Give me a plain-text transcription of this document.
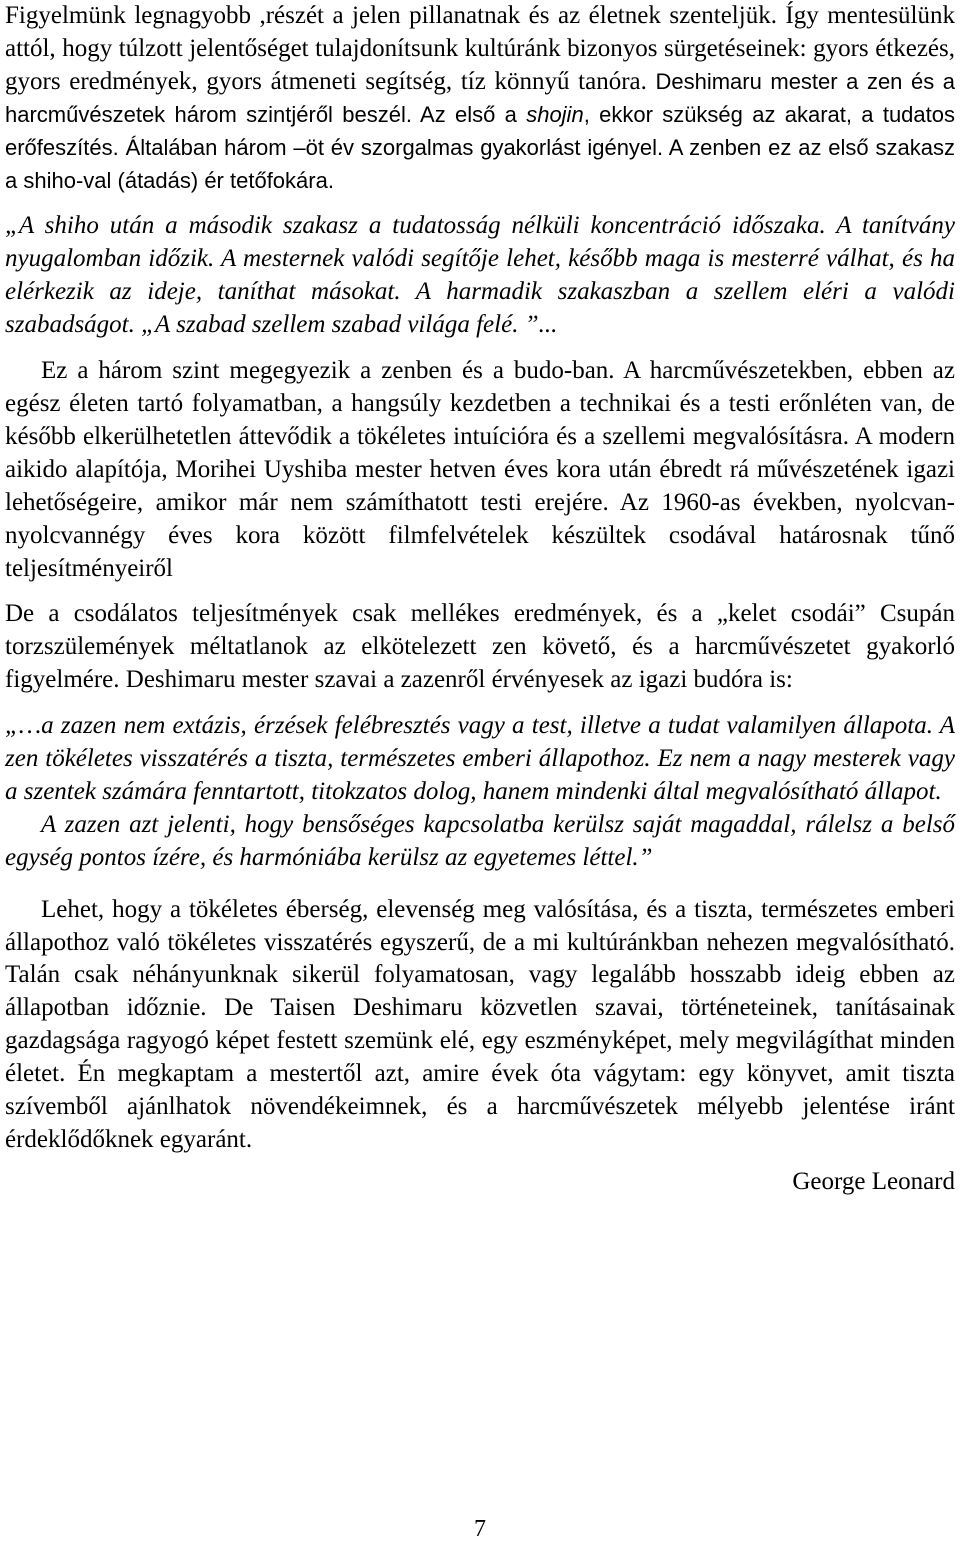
Figyelmünk legnagyobb ,részét a jelen pillanatnak és az életnek szenteljük. Így mentesülünk attól, hogy túlzott jelentőséget tulajdonítsunk kultúránk bizonyos sürgetéseinek: gyors étkezés, gyors eredmények, gyors átmeneti segítség, tíz könnyű tanóra. Deshimaru mester a zen és a harcművészetek három szintjéről beszél. Az első a shojin, ekkor szükség az akarat, a tudatos erőfeszítés. Általában három –öt év szorgalmas gyakorlást igényel. A zenben ez az első szakasz a shiho-val (átadás) ér tetőfokára.

„A shiho után a második szakasz a tudatosság nélküli koncentráció időszaka. A tanítvány nyugalomban időzik. A mesternek valódi segítője lehet, később maga is mesterré válhat, és ha elérkezik az ideje, taníthat másokat. A harmadik szakaszban a szellem eléri a valódi szabadságot. „A szabad szellem szabad világa felé. ”...

Ez a három szint megegyezik a zenben és a budo-ban. A harcművészetekben, ebben az egész életen tartó folyamatban, a hangsúly kezdetben a technikai és a testi erőnléten van, de később elkerülhetetlen áttevődik a tökéletes intuícióra és a szellemi megvalósításra. A modern aikido alapítója, Morihei Uyshiba mester hetven éves kora után ébredt rá művészetének igazi lehetőségeire, amikor már nem számíthatott testi erejére. Az 1960-as években, nyolcvan-nyolcvannégy éves kora között filmfelvételek készültek csodával határosnak tűnő teljesítményeiről

De a csodálatos teljesítmények csak mellékes eredmények, és a „kelet csodái” Csupán torzszülemények méltatlanok az elkötelezett zen követő, és a harcművészetet gyakorló figyelmére. Deshimaru mester szavai a zazenről érvényesek az igazi budóra is:

„…a zazen nem extázis, érzések felébresztés vagy a test, illetve a tudat valamilyen állapota. A zen tökéletes visszatérés a tiszta, természetes emberi állapothoz. Ez nem a nagy mesterek vagy a szentek számára fenntartott, titokzatos dolog, hanem mindenki által megvalósítható állapot.

A zazen azt jelenti, hogy bensőséges kapcsolatba kerülsz saját magaddal, rálelsz a belső egység pontos ízére, és harmóniába kerülsz az egyetemes léttel.”

Lehet, hogy a tökéletes éberség, elevenség meg valósítása, és a tiszta, természetes emberi állapothoz való tökéletes visszatérés egyszerű, de a mi kultúránkban nehezen megvalósítható. Talán csak néhányunknak sikerül folyamatosan, vagy legalább hosszabb ideig ebben az állapotban időznie. De Taisen Deshimaru közvetlen szavai, történeteinek, tanításainak gazdagsága ragyogó képet festett szemünk elé, egy eszményképet, mely megvilágíthat minden életet. Én megkaptam a mestertől azt, amire évek óta vágytam: egy könyvet, amit tiszta szívemből ajánlhatok növendékeimnek, és a harcművészetek mélyebb jelentése iránt érdeklődőknek egyaránt.

George Leonard
7
